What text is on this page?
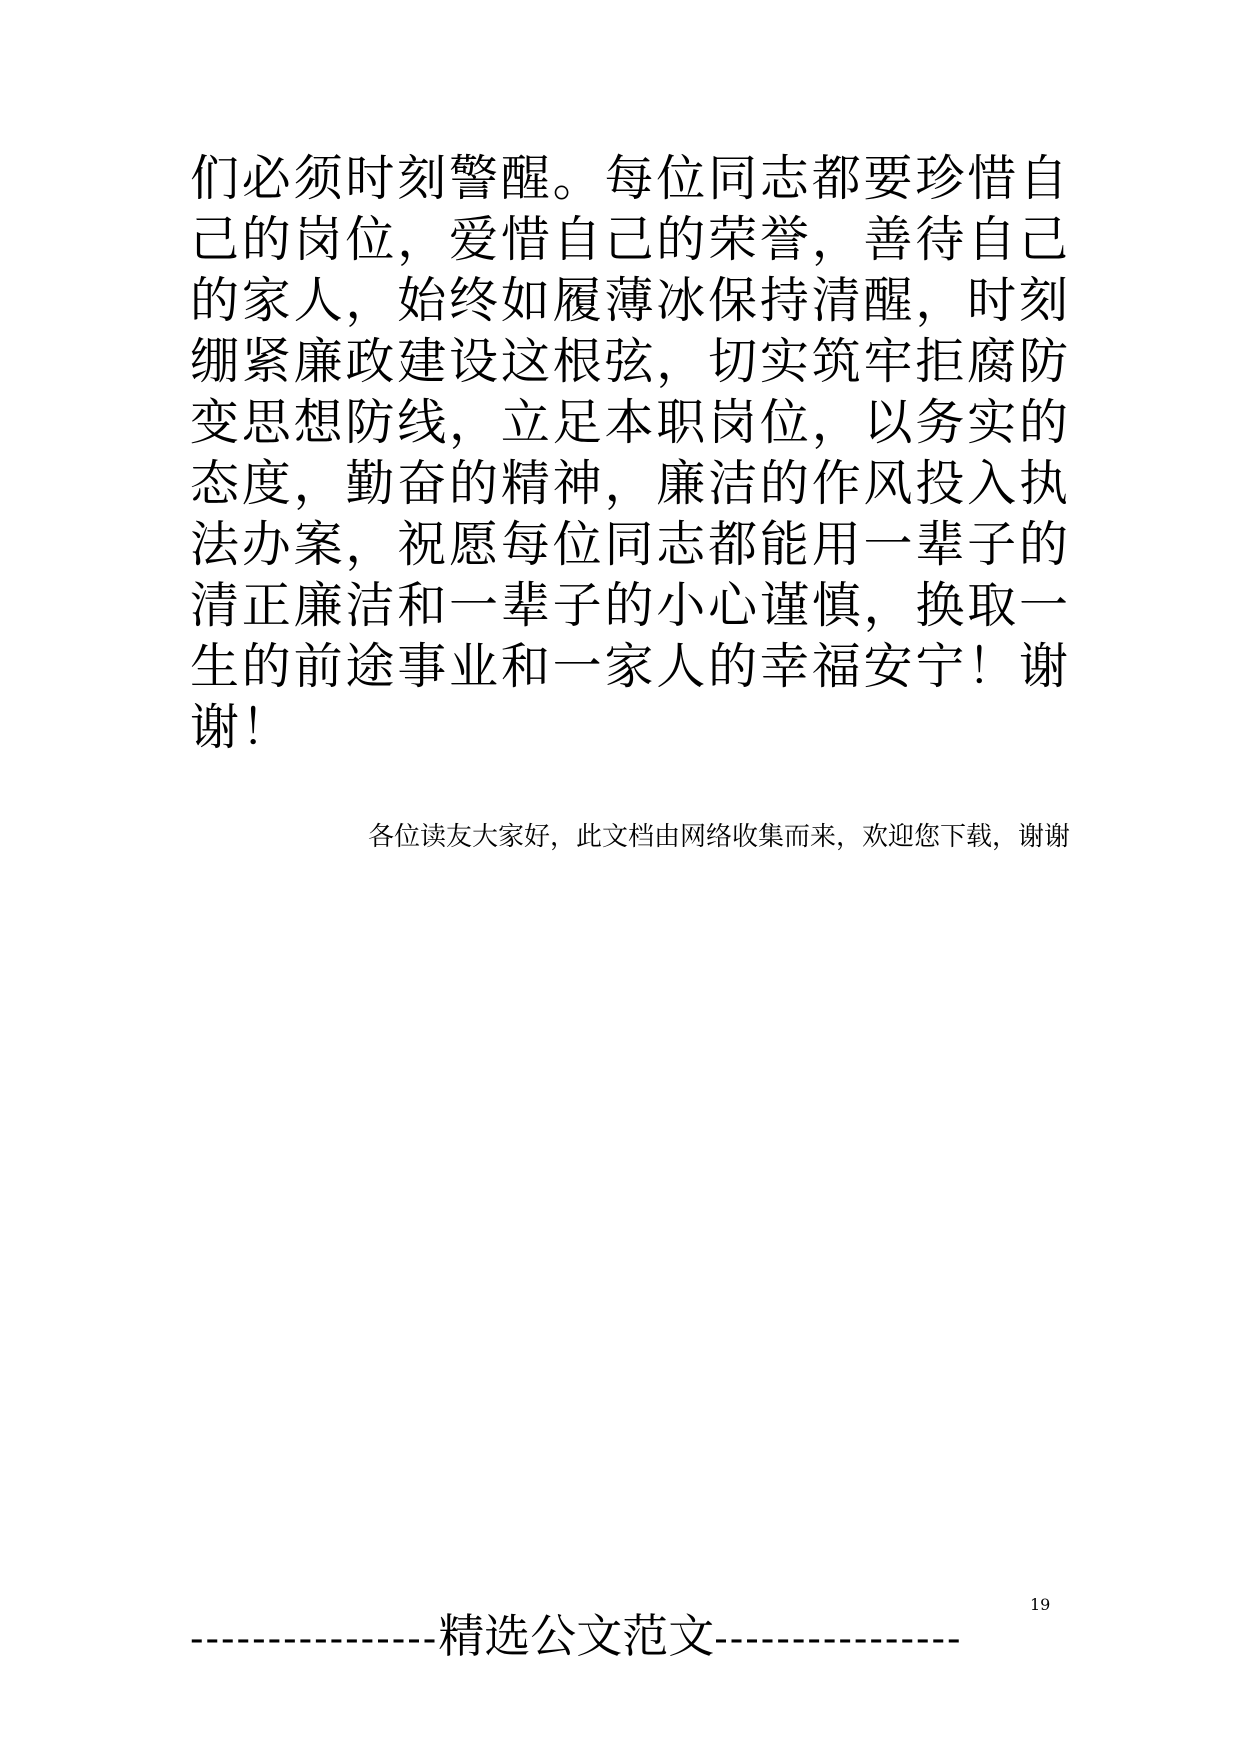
们必须时刻警醒。每位同志都要珍惜自
己的岗位，爱惜自己的荣誉，善待自己
的家人，始终如履薄冰保持清醒，时刻
绷紧廉政建设这根弦，切实筑牢拒腐防
变思想防线，立足本职岗位，以务实的
态度，勤奋的精神，廉洁的作风投入执
法办案，祝愿每位同志都能用一辈子的
清正廉洁和一辈子的小心谨慎，换取一
生的前途事业和一家人的幸福安宁！谢
谢！
各位读友大家好，此文档由网络收集而来，欢迎您下载，谢谢
19
---------------- 精选公文范文 ----------------
